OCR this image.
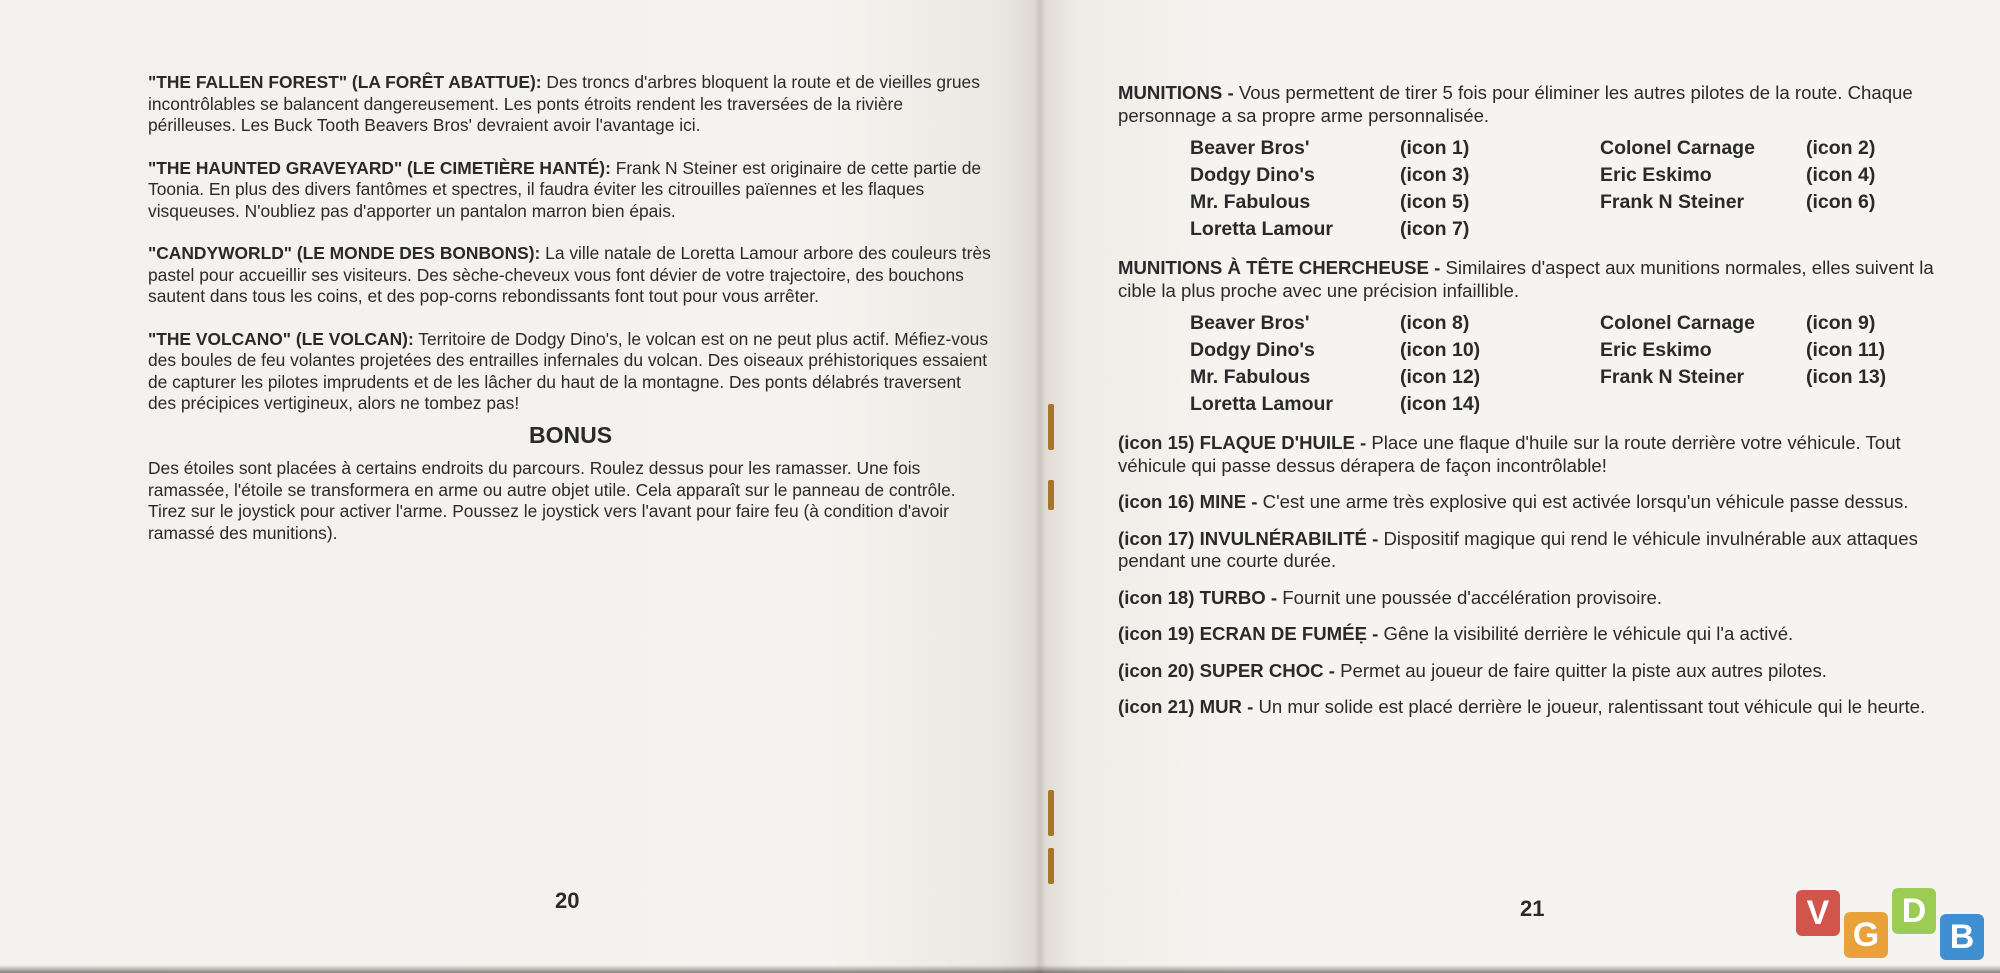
"THE FALLEN FOREST" (LA FORÊT ABATTUE): Des troncs d'arbres bloquent la route et de vieilles grues incontrôlables se balancent dangereusement. Les ponts étroits rendent les traversées de la rivière périlleuses. Les Buck Tooth Beavers Bros' devraient avoir l'avantage ici.

"THE HAUNTED GRAVEYARD" (LE CIMETIÈRE HANTÉ): Frank N Steiner est originaire de cette partie de Toonia. En plus des divers fantômes et spectres, il faudra éviter les citrouilles païennes et les flaques visqueuses. N'oubliez pas d'apporter un pantalon marron bien épais.

"CANDYWORLD" (LE MONDE DES BONBONS): La ville natale de Loretta Lamour arbore des couleurs très pastel pour accueillir ses visiteurs. Des sèche-cheveux vous font dévier de votre trajectoire, des bouchons sautent dans tous les coins, et des pop-corns rebondissants font tout pour vous arrêter.

"THE VOLCANO" (LE VOLCAN): Territoire de Dodgy Dino's, le volcan est on ne peut plus actif. Méfiez-vous des boules de feu volantes projetées des entrailles infernales du volcan. Des oiseaux préhistoriques essaient de capturer les pilotes imprudents et de les lâcher du haut de la montagne. Des ponts délabrés traversent des précipices vertigineux, alors ne tombez pas!

BONUS

Des étoiles sont placées à certains endroits du parcours. Roulez dessus pour les ramasser. Une fois ramassée, l'étoile se transformera en arme ou autre objet utile. Cela apparaît sur le panneau de contrôle. Tirez sur le joystick pour activer l'arme. Poussez le joystick vers l'avant pour faire feu (à condition d'avoir ramassé des munitions).

20

MUNITIONS - Vous permettent de tirer 5 fois pour éliminer les autres pilotes de la route. Chaque personnage a sa propre arme personnalisée.

Beaver Bros'	(icon 1)	Colonel Carnage	(icon 2)
Dodgy Dino's	(icon 3)	Eric Eskimo	(icon 4)
Mr. Fabulous	(icon 5)	Frank N Steiner	(icon 6)
Loretta Lamour	(icon 7)

MUNITIONS À TÊTE CHERCHEUSE - Similaires d'aspect aux munitions normales, elles suivent la cible la plus proche avec une précision infaillible.

Beaver Bros'	(icon 8)	Colonel Carnage	(icon 9)
Dodgy Dino's	(icon 10)	Eric Eskimo	(icon 11)
Mr. Fabulous	(icon 12)	Frank N Steiner	(icon 13)
Loretta Lamour	(icon 14)

(icon 15) FLAQUE D'HUILE - Place une flaque d'huile sur la route derrière votre véhicule. Tout véhicule qui passe dessus dérapera de façon incontrôlable!

(icon 16) MINE - C'est une arme très explosive qui est activée lorsqu'un véhicule passe dessus.

(icon 17) INVULNÉRABILITÉ - Dispositif magique qui rend le véhicule invulnérable aux attaques pendant une courte durée.

(icon 18) TURBO - Fournit une poussée d'accélération provisoire.

(icon 19) ECRAN DE FUMÉẸ - Gêne la visibilité derrière le véhicule qui l'a activé.

(icon 20) SUPER CHOC - Permet au joueur de faire quitter la piste aux autres pilotes.

(icon 21) MUR - Un mur solide est placé derrière le joueur, ralentissant tout véhicule qui le heurte.

21	V
G
D
B
